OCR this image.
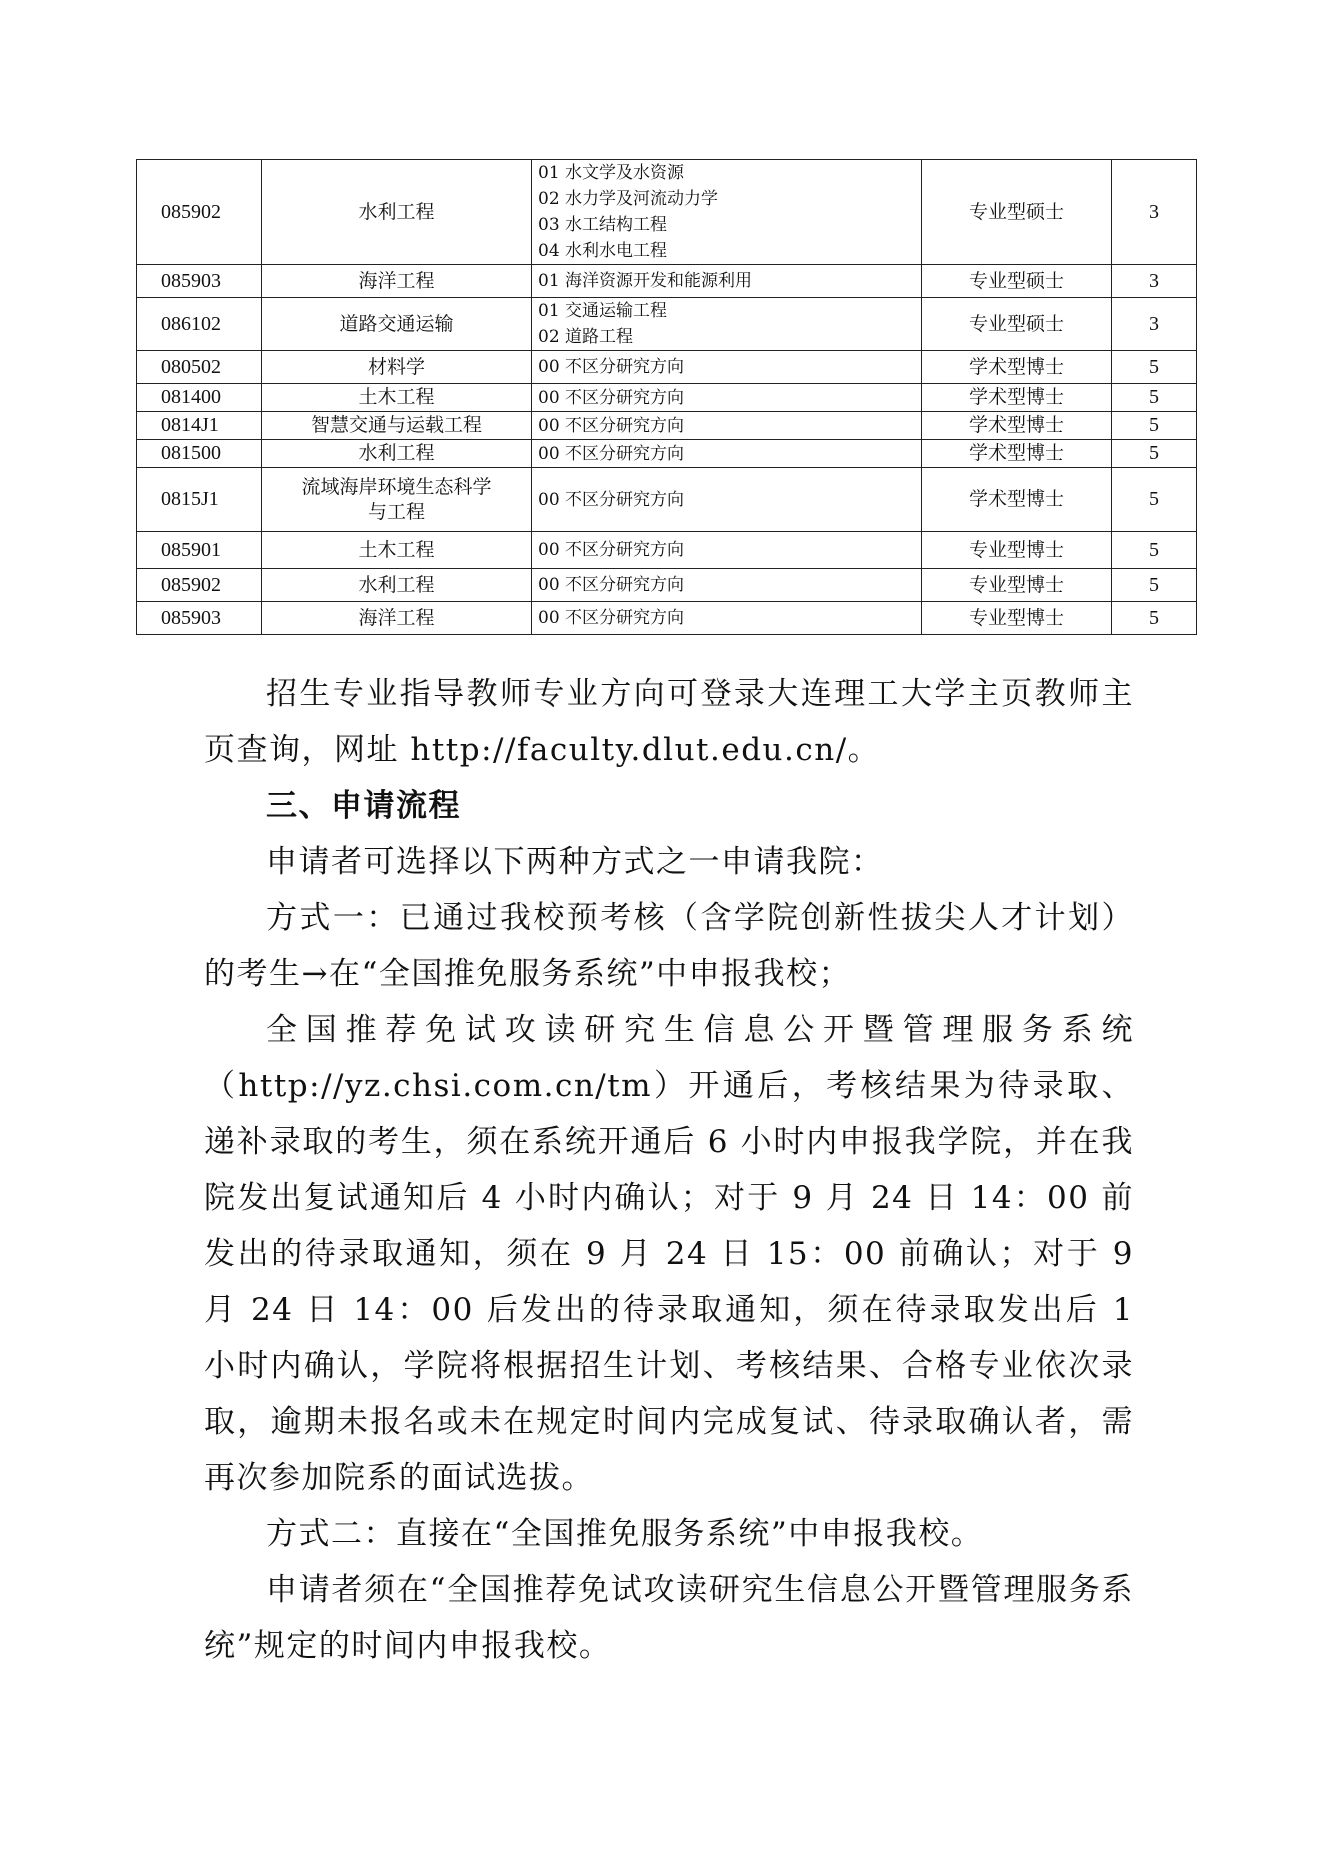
085902	水利工程	01 水文学及水资源
02 水力学及河流动力学
03 水工结构工程
04 水利水电工程	专业型硕士	3
085903	海洋工程	01 海洋资源开发和能源利用	专业型硕士	3
086102	道路交通运输	01 交通运输工程
02 道路工程	专业型硕士	3
080502	材料学	00 不区分研究方向	学术型博士	5
081400	土木工程	00 不区分研究方向	学术型博士	5
0814J1	智慧交通与运载工程	00 不区分研究方向	学术型博士	5
081500	水利工程	00 不区分研究方向	学术型博士	5
0815J1	流域海岸环境生态科学
与工程	00 不区分研究方向	学术型博士	5
085901	土木工程	00 不区分研究方向	专业型博士	5
085902	水利工程	00 不区分研究方向	专业型博士	5
085903	海洋工程	00 不区分研究方向	专业型博士	5

招生专业指导教师专业方向可登录大连理工大学主页教师主页查询，网址 http://faculty.dlut.edu.cn/。

三、申请流程

申请者可选择以下两种方式之一申请我院：

方式一：已通过我校预考核（含学院创新性拔尖人才计划）的考生→在“全国推免服务系统”中申报我校；

全国推荐免试攻读研究生信息公开暨管理服务系统（http://yz.chsi.com.cn/tm）开通后，考核结果为待录取、递补录取的考生，须在系统开通后 6 小时内申报我学院，并在我院发出复试通知后 4 小时内确认；对于 9 月 24 日 14：00 前发出的待录取通知，须在 9 月 24 日 15：00 前确认；对于 9 月 24 日 14：00 后发出的待录取通知，须在待录取发出后 1 小时内确认，学院将根据招生计划、考核结果、合格专业依次录取，逾期未报名或未在规定时间内完成复试、待录取确认者，需再次参加院系的面试选拔。

方式二：直接在“全国推免服务系统”中申报我校。

申请者须在“全国推荐免试攻读研究生信息公开暨管理服务系统”规定的时间内申报我校。
